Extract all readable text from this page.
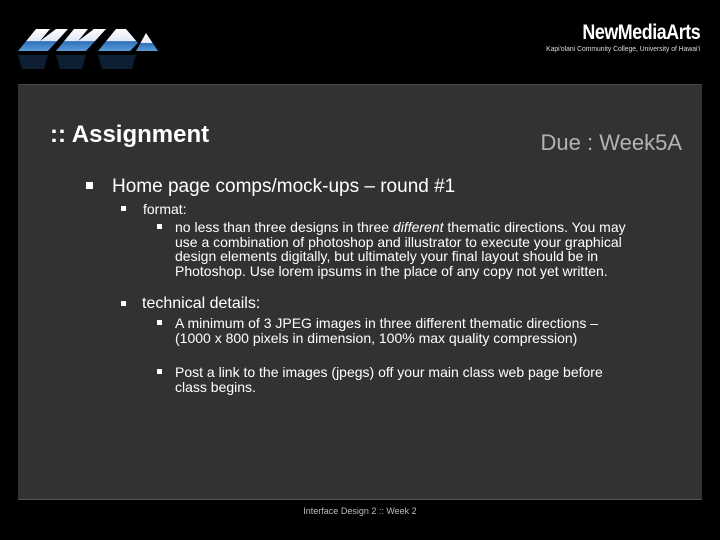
NewMediaArts
Kapi'olani Community College, University of Hawai'i
:: Assignment	Due : Week5A
Home page comps/mock-ups – round #1
format:
no less than three designs in three different thematic directions. You may use a combination of photoshop and illustrator to execute your graphical design elements digitally, but ultimately your final layout should be in Photoshop. Use lorem ipsums in the place of any copy not yet written.
technical details:
A minimum of 3 JPEG images in three different thematic directions – (1000 x 800 pixels in dimension, 100% max quality compression)
Post a link to the images (jpegs) off your main class web page before class begins.
Interface Design 2 :: Week 2
